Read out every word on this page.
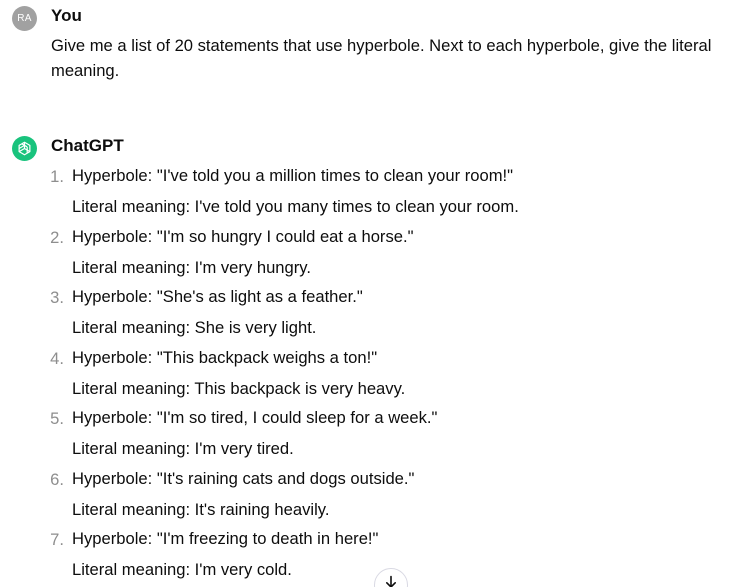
RA	You

Give me a list of 20 statements that use hyperbole. Next to each hyperbole, give the literal meaning.

ChatGPT
1. Hyperbole: "I've told you a million times to clean your room!"
Literal meaning: I've told you many times to clean your room.
2. Hyperbole: "I'm so hungry I could eat a horse."
Literal meaning: I'm very hungry.
3. Hyperbole: "She's as light as a feather."
Literal meaning: She is very light.
4. Hyperbole: "This backpack weighs a ton!"
Literal meaning: This backpack is very heavy.
5. Hyperbole: "I'm so tired, I could sleep for a week."
Literal meaning: I'm very tired.
6. Hyperbole: "It's raining cats and dogs outside."
Literal meaning: It's raining heavily.
7. Hyperbole: "I'm freezing to death in here!"
Literal meaning: I'm very cold.
